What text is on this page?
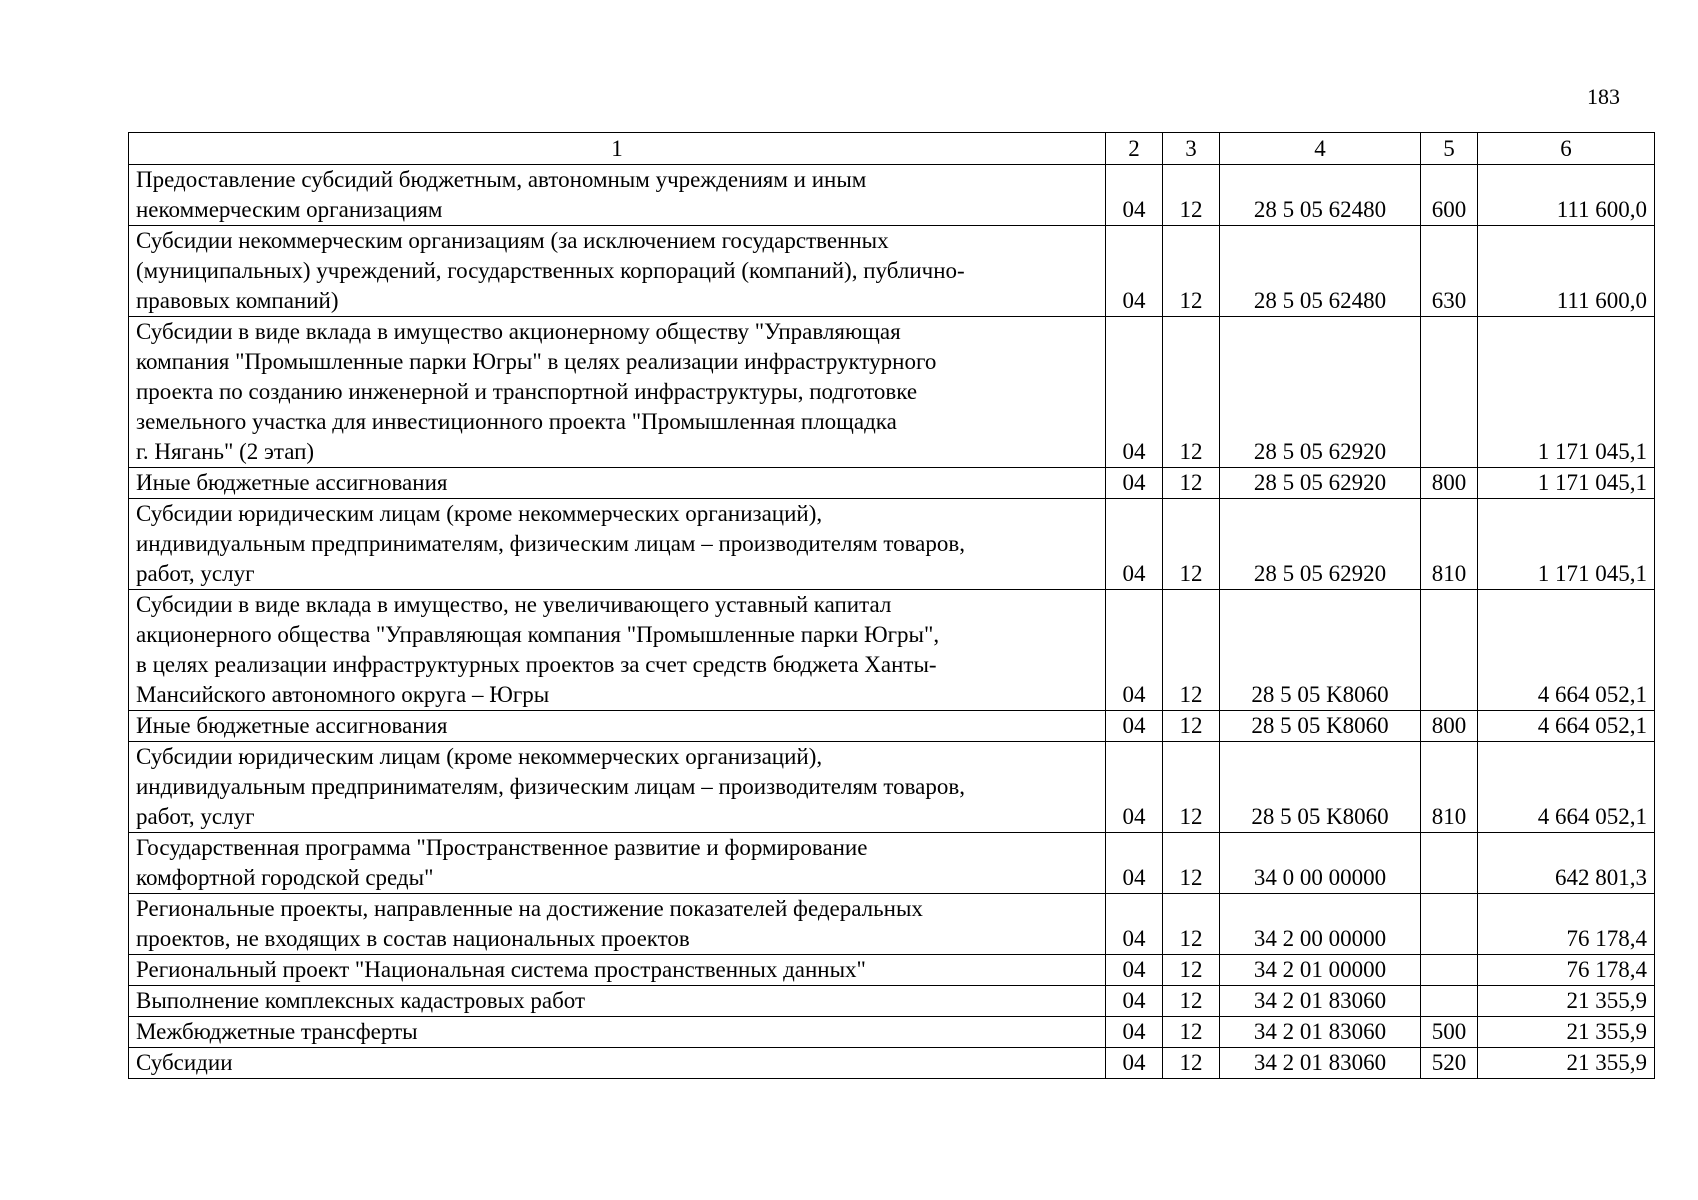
183
1	2	3	4	5	6
Предоставление субсидий бюджетным, автономным учреждениям и иным
некоммерческим организациям	04	12	28 5 05 62480	600	111 600,0
Субсидии некоммерческим организациям (за исключением государственных
(муниципальных) учреждений, государственных корпораций (компаний), публично-
правовых компаний)	04	12	28 5 05 62480	630	111 600,0
Субсидии в виде вклада в имущество акционерному обществу "Управляющая
компания "Промышленные парки Югры" в целях реализации инфраструктурного
проекта по созданию инженерной и транспортной инфраструктуры, подготовке
земельного участка для инвестиционного проекта "Промышленная площадка
г. Нягань" (2 этап)	04	12	28 5 05 62920		1 171 045,1
Иные бюджетные ассигнования	04	12	28 5 05 62920	800	1 171 045,1
Субсидии юридическим лицам (кроме некоммерческих организаций),
индивидуальным предпринимателям, физическим лицам – производителям товаров,
работ, услуг	04	12	28 5 05 62920	810	1 171 045,1
Субсидии в виде вклада в имущество, не увеличивающего уставный капитал
акционерного общества "Управляющая компания "Промышленные парки Югры",
в целях реализации инфраструктурных проектов за счет средств бюджета Ханты-
Мансийского автономного округа – Югры	04	12	28 5 05 K8060		4 664 052,1
Иные бюджетные ассигнования	04	12	28 5 05 K8060	800	4 664 052,1
Субсидии юридическим лицам (кроме некоммерческих организаций),
индивидуальным предпринимателям, физическим лицам – производителям товаров,
работ, услуг	04	12	28 5 05 K8060	810	4 664 052,1
Государственная программа "Пространственное развитие и формирование
комфортной городской среды"	04	12	34 0 00 00000		642 801,3
Региональные проекты, направленные на достижение показателей федеральных
проектов, не входящих в состав национальных проектов	04	12	34 2 00 00000		76 178,4
Региональный проект "Национальная система пространственных данных"	04	12	34 2 01 00000		76 178,4
Выполнение комплексных кадастровых работ	04	12	34 2 01 83060		21 355,9
Межбюджетные трансферты	04	12	34 2 01 83060	500	21 355,9
Субсидии	04	12	34 2 01 83060	520	21 355,9
